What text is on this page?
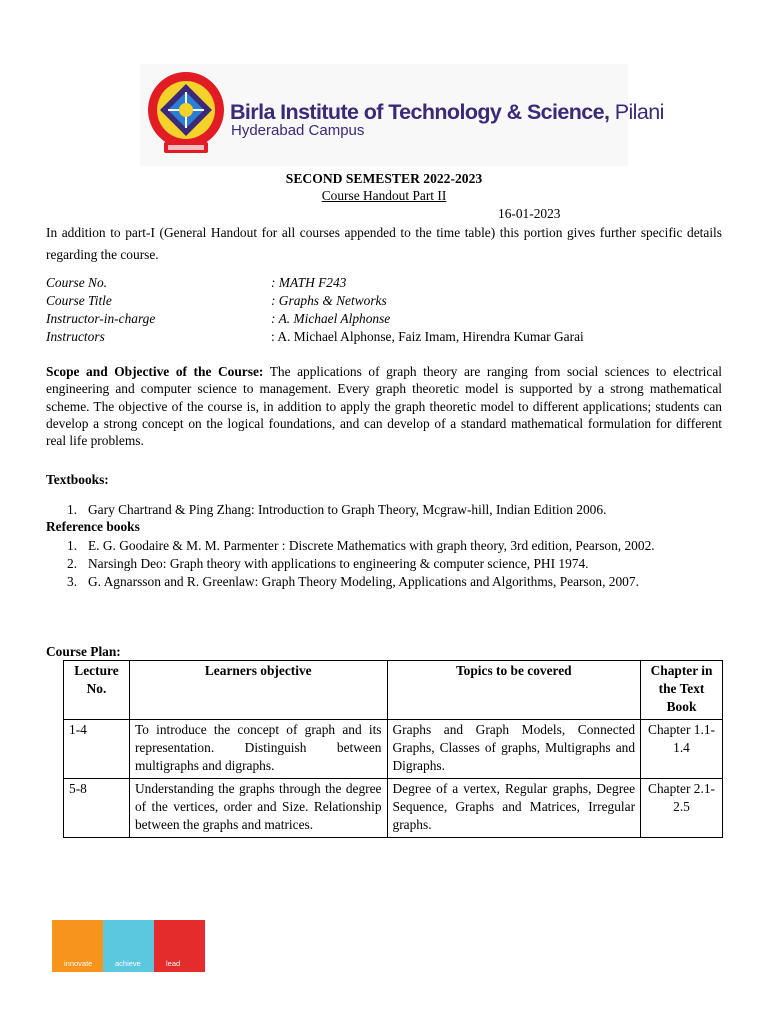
Birla Institute of Technology & Science, Pilani
Hyderabad Campus
SECOND SEMESTER 2022-2023
Course Handout Part II
16-01-2023
In addition to part-I (General Handout for all courses appended to the time table) this portion gives further specific details regarding the course.
Course No.	: MATH F243
Course Title	: Graphs & Networks
Instructor-in-charge	: A. Michael Alphonse
Instructors	: A. Michael Alphonse, Faiz Imam, Hirendra Kumar Garai
Scope and Objective of the Course: The applications of graph theory are ranging from social sciences to electrical engineering and computer science to management. Every graph theoretic model is supported by a strong mathematical scheme. The objective of the course is, in addition to apply the graph theoretic model to different applications; students can develop a strong concept on the logical foundations, and can develop of a standard mathematical formulation for different real life problems.
Textbooks:
1. Gary Chartrand & Ping Zhang: Introduction to Graph Theory, Mcgraw-hill, Indian Edition 2006.
Reference books
1. E. G. Goodaire & M. M. Parmenter : Discrete Mathematics with graph theory, 3rd edition, Pearson, 2002.
2. Narsingh Deo: Graph theory with applications to engineering & computer science, PHI 1974.
3. G. Agnarsson and R. Greenlaw: Graph Theory Modeling, Applications and Algorithms, Pearson, 2007.
Course Plan:
Lecture No.	Learners objective	Topics to be covered	Chapter in the Text Book
1-4	To introduce the concept of graph and its representation. Distinguish between multigraphs and digraphs.	Graphs and Graph Models, Connected Graphs, Classes of graphs, Multigraphs and Digraphs.	Chapter 1.1-1.4
5-8	Understanding the graphs through the degree of the vertices, order and Size. Relationship between the graphs and matrices.	Degree of a vertex, Regular graphs, Degree Sequence, Graphs and Matrices, Irregular graphs.	Chapter 2.1-2.5
innovate	achieve	lead
